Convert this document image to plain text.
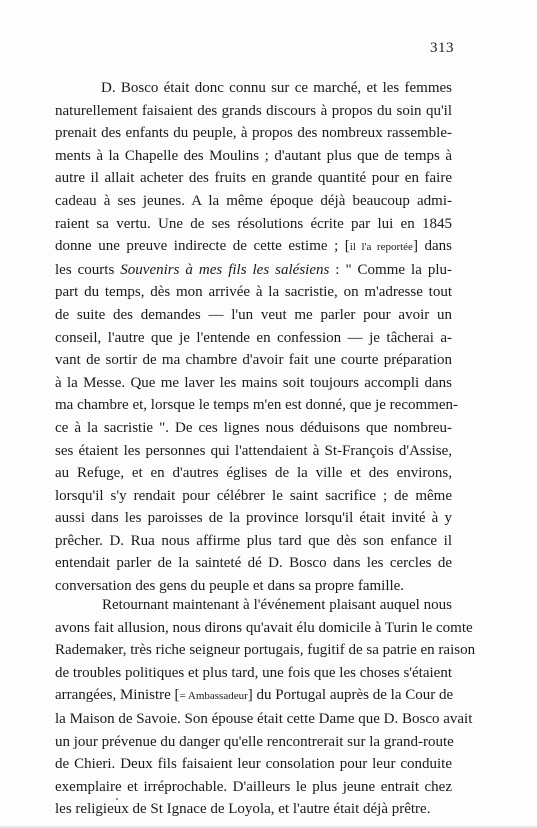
313
D. Bosco était donc connu sur ce marché, et les femmes
naturellement faisaient des grands discours à propos du soin qu'il
prenait des enfants du peuple, à propos des nombreux rassemble-
ments à la Chapelle des Moulins ; d'autant plus que de temps à
autre il allait acheter des fruits en grande quantité pour en faire
cadeau à ses jeunes. A la même époque déjà beaucoup admi-
raient sa vertu. Une de ses résolutions écrite par lui en 1845
donne une preuve indirecte de cette estime ; [il l'a reportée] dans
les courts Souvenirs à mes fils les salésiens : " Comme la plu-
part du temps, dès mon arrivée à la sacristie, on m'adresse tout
de suite des demandes — l'un veut me parler pour avoir un
conseil, l'autre que je l'entende en confession — je tâcherai a-
vant de sortir de ma chambre d'avoir fait une courte préparation
à la Messe. Que me laver les mains soit toujours accompli dans
ma chambre et, lorsque le temps m'en est donné, que je recommen-
ce à la sacristie ". De ces lignes nous déduisons que nombreu-
ses étaient les personnes qui l'attendaient à St-François d'Assise,
au Refuge, et en d'autres églises de la ville et des environs,
lorsqu'il s'y rendait pour célébrer le saint sacrifice ; de même
aussi dans les paroisses de la province lorsqu'il était invité à y
prêcher. D. Rua nous affirme plus tard que dès son enfance il
entendait parler de la sainteté dé D. Bosco dans les cercles de
conversation des gens du peuple et dans sa propre famille.
Retournant maintenant à l'événement plaisant auquel nous
avons fait allusion, nous dirons qu'avait élu domicile à Turin le comte
Rademaker, très riche seigneur portugais, fugitif de sa patrie en raison
de troubles politiques et plus tard, une fois que les choses s'étaient
arrangées, Ministre [= Ambassadeur] du Portugal auprès de la Cour de
la Maison de Savoie. Son épouse était cette Dame que D. Bosco avait
un jour prévenue du danger qu'elle rencontrerait sur la grand-route
de Chieri. Deux fils faisaient leur consolation pour leur conduite
exemplaire et irréprochable. D'ailleurs le plus jeune entrait chez
les religieux de St Ignace de Loyola, et l'autre était déjà prêtre.
